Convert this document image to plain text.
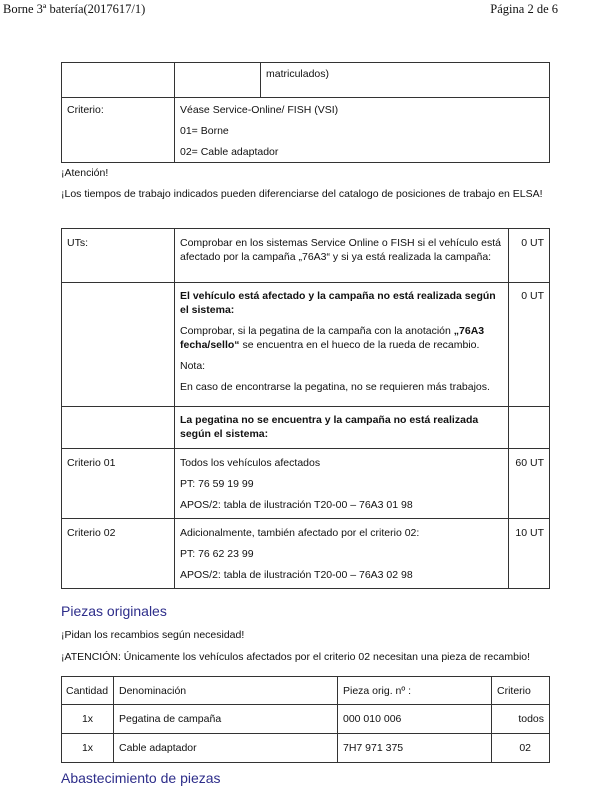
Borne 3ª batería(2017617/1)	Página 2 de 6

		matriculados)

Criterio:	Véase Service-Online/ FISH (VSI)

01= Borne

02= Cable adaptador	

¡Atención!

¡Los tiempos de trabajo indicados pueden diferenciarse del catalogo de posiciones de trabajo en ELSA!

UTs:	Comprobar en los sistemas Service Online o FISH si el vehículo está afectado por la campaña „76A3“ y si ya está realizada la campaña:	0 UT

	El vehículo está afectado y la campaña no está realizada según el sistema:

Comprobar, si la pegatina de la campaña con la anotación „76A3 fecha/sello“ se encuentra en el hueco de la rueda de recambio.

Nota:

En caso de encontrarse la pegatina, no se requieren más trabajos.	0 UT

	La pegatina no se encuentra y la campaña no está realizada según el sistema:	

Criterio 01	Todos los vehículos afectados

PT: 76 59 19 99

APOS/2: tabla de ilustración T20-00 – 76A3 01 98	60 UT

Criterio 02	Adicionalmente, también afectado por el criterio 02:

PT: 76 62 23 99

APOS/2: tabla de ilustración T20-00 – 76A3 02 98	10 UT

Piezas originales

¡Pidan los recambios según necesidad!

¡ATENCIÓN: Únicamente los vehículos afectados por el criterio 02 necesitan una pieza de recambio!

Cantidad	Denominación	Pieza orig. nº :	Criterio

1x	Pegatina de campaña	000 010 006	todos

1x	Cable adaptador	7H7 971 375	02

Abastecimiento de piezas
